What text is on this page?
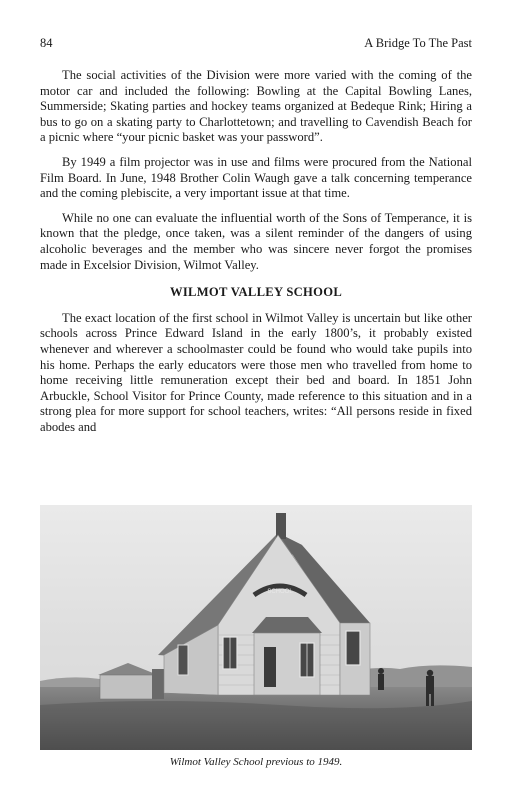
84	A Bridge To The Past

The social activities of the Division were more varied with the coming of the motor car and included the following: Bowling at the Capital Bowling Lanes, Summerside; Skating parties and hockey teams organized at Bedeque Rink; Hiring a bus to go on a skating party to Charlottetown; and travelling to Cavendish Beach for a picnic where “your picnic basket was your password”.

By 1949 a film projector was in use and films were procured from the National Film Board. In June, 1948 Brother Colin Waugh gave a talk concerning temperance and the coming plebiscite, a very important issue at that time.

While no one can evaluate the influential worth of the Sons of Temperance, it is known that the pledge, once taken, was a silent reminder of the dangers of using alcoholic beverages and the member who was sincere never forgot the promises made in Excelsior Division, Wilmot Valley.

WILMOT VALLEY SCHOOL

The exact location of the first school in Wilmot Valley is uncertain but like other schools across Prince Edward Island in the early 1800’s, it probably existed whenever and wherever a schoolmaster could be found who would take pupils into his home. Perhaps the early educators were those men who travelled from home to home receiving little remuneration except their bed and board. In 1851 John Arbuckle, School Visitor for Prince County, made reference to this situation and in a strong plea for more support for school teachers, writes: “All persons reside in fixed abodes and

SCHOOL
Wilmot Valley School previous to 1949.
